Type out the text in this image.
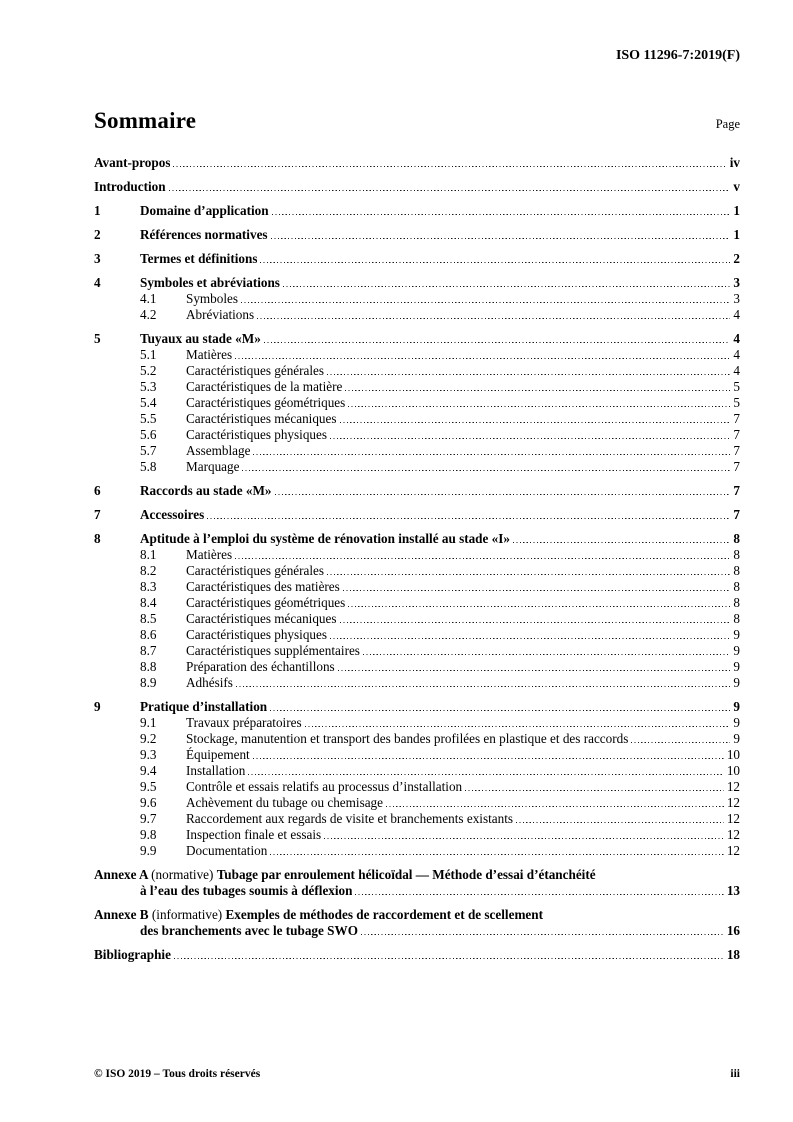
ISO 11296-7:2019(F)
Sommaire	Page
Avant-propos	iv
Introduction	v
1	Domaine d’application	1
2	Références normatives	1
3	Termes et définitions	2
4	Symboles et abréviations	3
4.1	Symboles	3
4.2	Abréviations	4
5	Tuyaux au stade «M»	4
5.1	Matières	4
5.2	Caractéristiques générales	4
5.3	Caractéristiques de la matière	5
5.4	Caractéristiques géométriques	5
5.5	Caractéristiques mécaniques	7
5.6	Caractéristiques physiques	7
5.7	Assemblage	7
5.8	Marquage	7
6	Raccords au stade «M»	7
7	Accessoires	7
8	Aptitude à l’emploi du système de rénovation installé au stade «I»	8
8.1	Matières	8
8.2	Caractéristiques générales	8
8.3	Caractéristiques des matières	8
8.4	Caractéristiques géométriques	8
8.5	Caractéristiques mécaniques	8
8.6	Caractéristiques physiques	9
8.7	Caractéristiques supplémentaires	9
8.8	Préparation des échantillons	9
8.9	Adhésifs	9
9	Pratique d’installation	9
9.1	Travaux préparatoires	9
9.2	Stockage, manutention et transport des bandes profilées en plastique et des raccords	9
9.3	Équipement	10
9.4	Installation	10
9.5	Contrôle et essais relatifs au processus d’installation	12
9.6	Achèvement du tubage ou chemisage	12
9.7	Raccordement aux regards de visite et branchements existants	12
9.8	Inspection finale et essais	12
9.9	Documentation	12
Annexe A (normative) Tubage par enroulement hélicoïdal — Méthode d’essai d’étanchéité
à l’eau des tubages soumis à déflexion	13
Annexe B (informative) Exemples de méthodes de raccordement et de scellement
des branchements avec le tubage SWO	16
Bibliographie	18
© ISO 2019 – Tous droits réservés	iii
